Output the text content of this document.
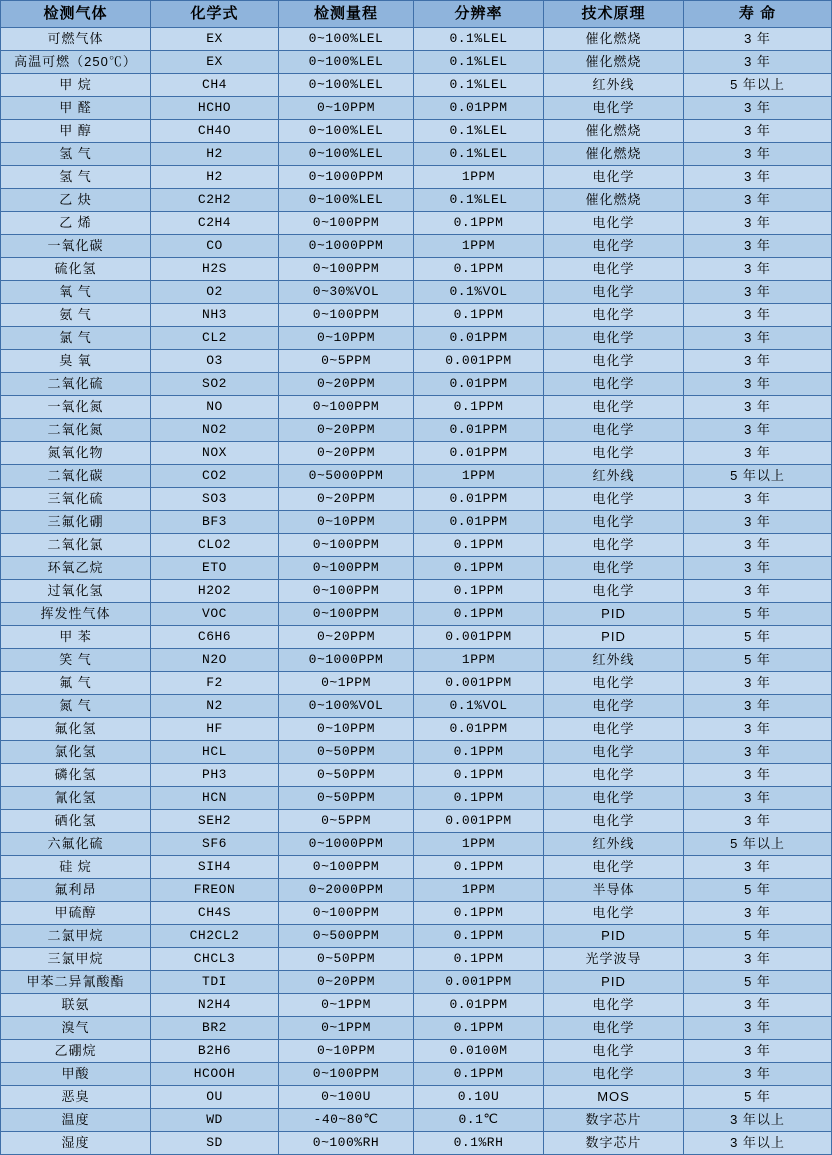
检测气体	化学式	检测量程	分辨率	技术原理	寿 命
可燃气体	EX	0~100%LEL	0.1%LEL	催化燃烧	3 年
高温可燃（250℃）	EX	0~100%LEL	0.1%LEL	催化燃烧	3 年
甲 烷	CH4	0~100%LEL	0.1%LEL	红外线	5 年以上
甲 醛	HCHO	0~10PPM	0.01PPM	电化学	3 年
甲 醇	CH4O	0~100%LEL	0.1%LEL	催化燃烧	3 年
氢 气	H2	0~100%LEL	0.1%LEL	催化燃烧	3 年
氢 气	H2	0~1000PPM	1PPM	电化学	3 年
乙 炔	C2H2	0~100%LEL	0.1%LEL	催化燃烧	3 年
乙 烯	C2H4	0~100PPM	0.1PPM	电化学	3 年
一氧化碳	CO	0~1000PPM	1PPM	电化学	3 年
硫化氢	H2S	0~100PPM	0.1PPM	电化学	3 年
氧 气	O2	0~30%VOL	0.1%VOL	电化学	3 年
氨 气	NH3	0~100PPM	0.1PPM	电化学	3 年
氯 气	CL2	0~10PPM	0.01PPM	电化学	3 年
臭 氧	O3	0~5PPM	0.001PPM	电化学	3 年
二氧化硫	SO2	0~20PPM	0.01PPM	电化学	3 年
一氧化氮	NO	0~100PPM	0.1PPM	电化学	3 年
二氧化氮	NO2	0~20PPM	0.01PPM	电化学	3 年
氮氧化物	NOX	0~20PPM	0.01PPM	电化学	3 年
二氧化碳	CO2	0~5000PPM	1PPM	红外线	5 年以上
三氧化硫	SO3	0~20PPM	0.01PPM	电化学	3 年
三氟化硼	BF3	0~10PPM	0.01PPM	电化学	3 年
二氧化氯	CLO2	0~100PPM	0.1PPM	电化学	3 年
环氧乙烷	ETO	0~100PPM	0.1PPM	电化学	3 年
过氧化氢	H2O2	0~100PPM	0.1PPM	电化学	3 年
挥发性气体	VOC	0~100PPM	0.1PPM	PID	5 年
甲 苯	C6H6	0~20PPM	0.001PPM	PID	5 年
笑 气	N2O	0~1000PPM	1PPM	红外线	5 年
氟 气	F2	0~1PPM	0.001PPM	电化学	3 年
氮 气	N2	0~100%VOL	0.1%VOL	电化学	3 年
氟化氢	HF	0~10PPM	0.01PPM	电化学	3 年
氯化氢	HCL	0~50PPM	0.1PPM	电化学	3 年
磷化氢	PH3	0~50PPM	0.1PPM	电化学	3 年
氰化氢	HCN	0~50PPM	0.1PPM	电化学	3 年
硒化氢	SEH2	0~5PPM	0.001PPM	电化学	3 年
六氟化硫	SF6	0~1000PPM	1PPM	红外线	5 年以上
硅 烷	SIH4	0~100PPM	0.1PPM	电化学	3 年
氟利昂	FREON	0~2000PPM	1PPM	半导体	5 年
甲硫醇	CH4S	0~100PPM	0.1PPM	电化学	3 年
二氯甲烷	CH2CL2	0~500PPM	0.1PPM	PID	5 年
三氯甲烷	CHCL3	0~50PPM	0.1PPM	光学波导	3 年
甲苯二异氰酸酯	TDI	0~20PPM	0.001PPM	PID	5 年
联氨	N2H4	0~1PPM	0.01PPM	电化学	3 年
溴气	BR2	0~1PPM	0.1PPM	电化学	3 年
乙硼烷	B2H6	0~10PPM	0.0100M	电化学	3 年
甲酸	HCOOH	0~100PPM	0.1PPM	电化学	3 年
恶臭	OU	0~100U	0.10U	MOS	5 年
温度	WD	-40~80℃	0.1℃	数字芯片	3 年以上
湿度	SD	0~100%RH	0.1%RH	数字芯片	3 年以上
